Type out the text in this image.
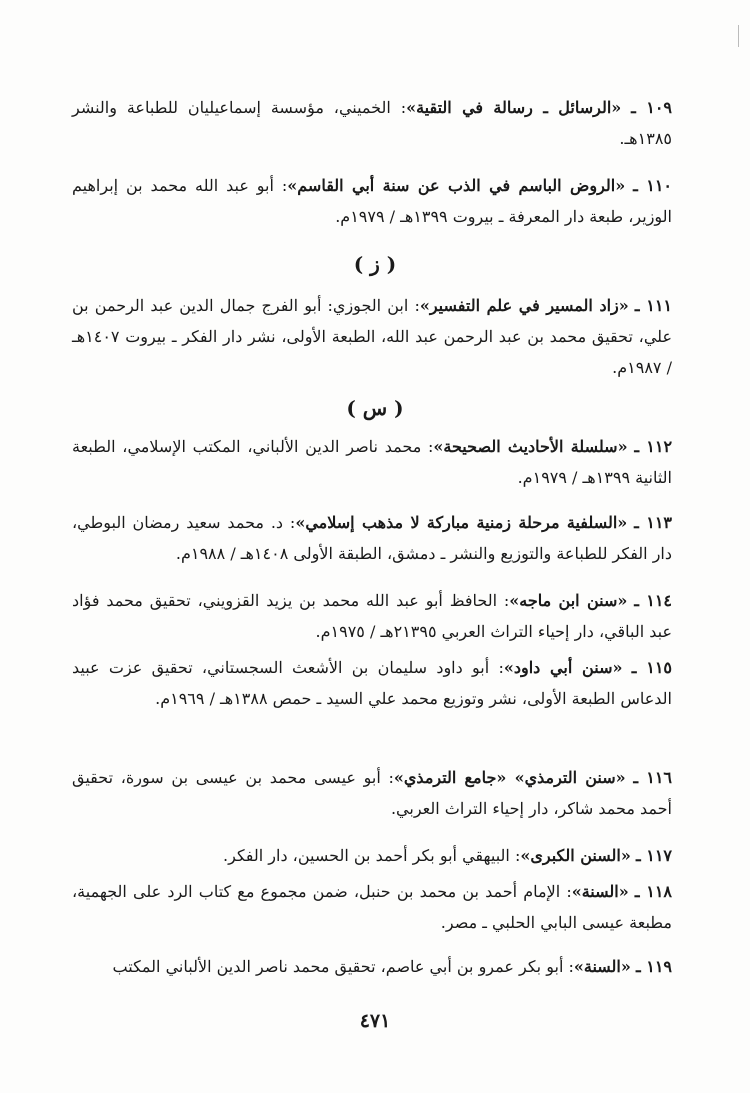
١٠٩ ـ «الرسائل ـ رسالة في التقية»: الخميني، مؤسسة إسماعيليان للطباعة والنشر ١٣٨٥هـ.
١١٠ ـ «الروض الباسم في الذب عن سنة أبي القاسم»: أبو عبد الله محمد بن إبراهيم الوزير، طبعة دار المعرفة ـ بيروت ١٣٩٩هـ / ١٩٧٩م.
( ز )
١١١ ـ «زاد المسير في علم التفسير»: ابن الجوزي: أبو الفرج جمال الدين عبد الرحمن بن علي، تحقيق محمد بن عبد الرحمن عبد الله، الطبعة الأولى، نشر دار الفكر ـ بيروت ١٤٠٧هـ / ١٩٨٧م.
( س )
١١٢ ـ «سلسلة الأحاديث الصحيحة»: محمد ناصر الدين الألباني، المكتب الإسلامي، الطبعة الثانية ١٣٩٩هـ / ١٩٧٩م.
١١٣ ـ «السلفية مرحلة زمنية مباركة لا مذهب إسلامي»: د. محمد سعيد رمضان البوطي، دار الفكر للطباعة والتوزيع والنشر ـ دمشق، الطبقة الأولى ١٤٠٨هـ / ١٩٨٨م.
١١٤ ـ «سنن ابن ماجه»: الحافظ أبو عبد الله محمد بن يزيد القزويني، تحقيق محمد فؤاد عبد الباقي، دار إحياء التراث العربي ٢١٣٩٥هـ / ١٩٧٥م.
١١٥ ـ «سنن أبي داود»: أبو داود سليمان بن الأشعث السجستاني، تحقيق عزت عبيد الدعاس الطبعة الأولى، نشر وتوزيع محمد علي السيد ـ حمص ١٣٨٨هـ / ١٩٦٩م.
١١٦ ـ «سنن الترمذي» «جامع الترمذي»: أبو عيسى محمد بن عيسى بن سورة، تحقيق أحمد محمد شاكر، دار إحياء التراث العربي.
١١٧ ـ «السنن الكبرى»: البيهقي أبو بكر أحمد بن الحسين، دار الفكر.
١١٨ ـ «السنة»: الإمام أحمد بن محمد بن حنبل، ضمن مجموع مع كتاب الرد على الجهمية، مطبعة عيسى البابي الحلبي ـ مصر.
١١٩ ـ «السنة»: أبو بكر عمرو بن أبي عاصم، تحقيق محمد ناصر الدين الألباني المكتب
٤٧١
